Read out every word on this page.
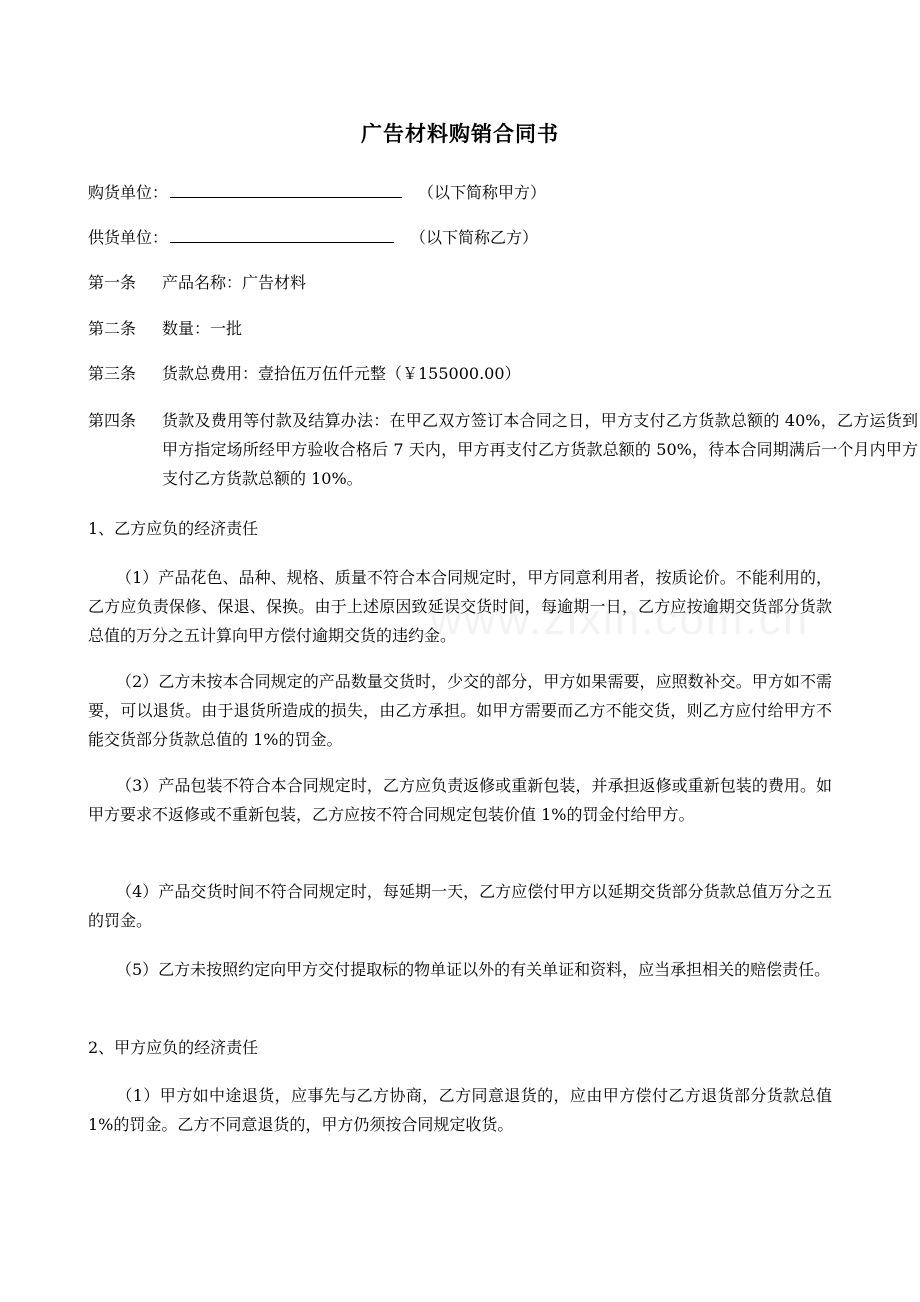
广告材料购销合同书
购货单位：	（以下简称甲方）
供货单位：	（以下简称乙方）
第一条 产品名称：广告材料
第二条 数量：一批
第三条 货款总费用：壹拾伍万伍仟元整（￥155000.00）
第四条 货款及费用等付款及结算办法：在甲乙双方签订本合同之日，甲方支付乙方货款总额的 40%，乙方运货到甲方指定场所经甲方验收合格后 7 天内，甲方再支付乙方货款总额的 50%，待本合同期满后一个月内甲方支付乙方货款总额的 10%。
1、乙方应负的经济责任
（1）产品花色、品种、规格、质量不符合本合同规定时，甲方同意利用者，按质论价。不能利用的，乙方应负责保修、保退、保换。由于上述原因致延误交货时间，每逾期一日，乙方应按逾期交货部分货款总值的万分之五计算向甲方偿付逾期交货的违约金。
（2）乙方未按本合同规定的产品数量交货时，少交的部分，甲方如果需要，应照数补交。甲方如不需要，可以退货。由于退货所造成的损失，由乙方承担。如甲方需要而乙方不能交货，则乙方应付给甲方不能交货部分货款总值的 1%的罚金。
（3）产品包装不符合本合同规定时，乙方应负责返修或重新包装，并承担返修或重新包装的费用。如甲方要求不返修或不重新包装，乙方应按不符合同规定包装价值 1%的罚金付给甲方。
（4）产品交货时间不符合同规定时，每延期一天，乙方应偿付甲方以延期交货部分货款总值万分之五的罚金。
（5）乙方未按照约定向甲方交付提取标的物单证以外的有关单证和资料，应当承担相关的赔偿责任。
2、甲方应负的经济责任
（1）甲方如中途退货，应事先与乙方协商，乙方同意退货的，应由甲方偿付乙方退货部分货款总值 1%的罚金。乙方不同意退货的，甲方仍须按合同规定收货。
